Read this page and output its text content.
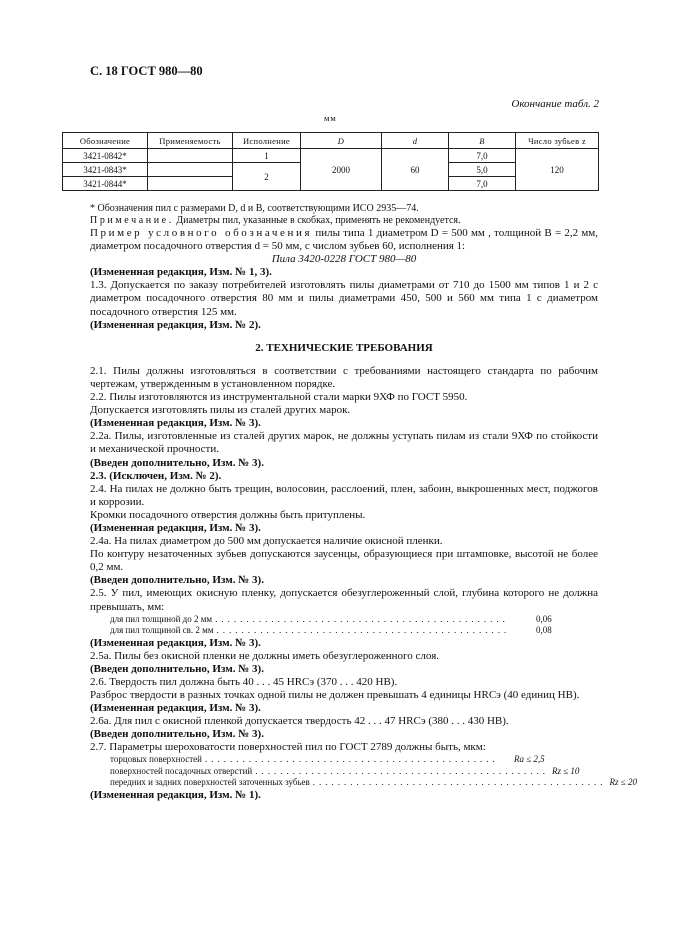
С. 18 ГОСТ 980—80
Окончание табл. 2
мм
Обозначение	Применяемость	Исполнение	D	d	B	Число зубьев z
3421-0842*		1	2000	60	7,0	120
3421-0843*		2			5,0	
3421-0844*					7,0	

* Обозначения пил с размерами D, d и B, соответствующими ИСО 2935—74.

Примечание. Диаметры пил, указанные в скобках, применять не рекомендуется.

Пример условного обозначения пилы типа 1 диаметром D = 500 мм , толщиной B = 2,2 мм, диаметром посадочного отверстия d = 50 мм, с числом зубьев 60, исполнения 1:

Пила 3420-0228 ГОСТ 980—80

(Измененная редакция, Изм. № 1, 3).

1.3. Допускается по заказу потребителей изготовлять пилы диаметрами от 710 до 1500 мм типов 1 и 2 с диаметром посадочного отверстия 80 мм и пилы диаметрами 450, 500 и 560 мм типа 1 с диаметром посадочного отверстия 125 мм.

(Измененная редакция, Изм. № 2).

2. ТЕХНИЧЕСКИЕ ТРЕБОВАНИЯ

2.1. Пилы должны изготовляться в соответствии с требованиями настоящего стандарта по рабочим чертежам, утвержденным в установленном порядке.

2.2. Пилы изготовляются из инструментальной стали марки 9ХФ по ГОСТ 5950.

Допускается изготовлять пилы из сталей других марок.

(Измененная редакция, Изм. № 3).

2.2а. Пилы, изготовленные из сталей других марок, не должны уступать пилам из стали 9ХФ по стойкости и механической прочности.

(Введен дополнительно, Изм. № 3).

2.3. (Исключен, Изм. № 2).

2.4. На пилах не должно быть трещин, волосовин, расслоений, плен, забоин, выкрошенных мест, поджогов и коррозии.

Кромки посадочного отверстия должны быть притуплены.

(Измененная редакция, Изм. № 3).

2.4а. На пилах диаметром до 500 мм допускается наличие окисной пленки.

По контуру незаточенных зубьев допускаются заусенцы, образующиеся при штамповке, высотой не более 0,2 мм.

(Введен дополнительно, Изм. № 3).

2.5. У пил, имеющих окисную пленку, допускается обезуглероженный слой, глубина которого не должна превышать, мм:

для пил толщиной до 2 мм ...............................................	0,06
для пил толщиной св. 2 мм ...............................................	0,08

(Измененная редакция, Изм. № 3).

2.5а. Пилы без окисной пленки не должны иметь обезуглероженного слоя.

(Введен дополнительно, Изм. № 3).

2.6. Твердость пил должна быть 40 . . . 45 HRCэ (370 . . . 420 HB).

Разброс твердости в разных точках одной пилы не должен превышать 4 единицы HRCэ (40 единиц HB).

(Измененная редакция, Изм. № 3).

2.6а. Для пил с окисной пленкой допускается твердость 42 . . . 47 HRCэ (380 . . . 430 HB).

(Введен дополнительно, Изм. № 3).

2.7. Параметры шероховатости поверхностей пил по ГОСТ 2789 должны быть, мкм:

торцовых поверхностей ...............................................	Ra ≤ 2,5
поверхностей посадочных отверстий ............................................... Rz ≤ 10
передних и задних поверхностей заточенных зубьев ............................................... Rz ≤ 20

(Измененная редакция, Изм. № 1).
